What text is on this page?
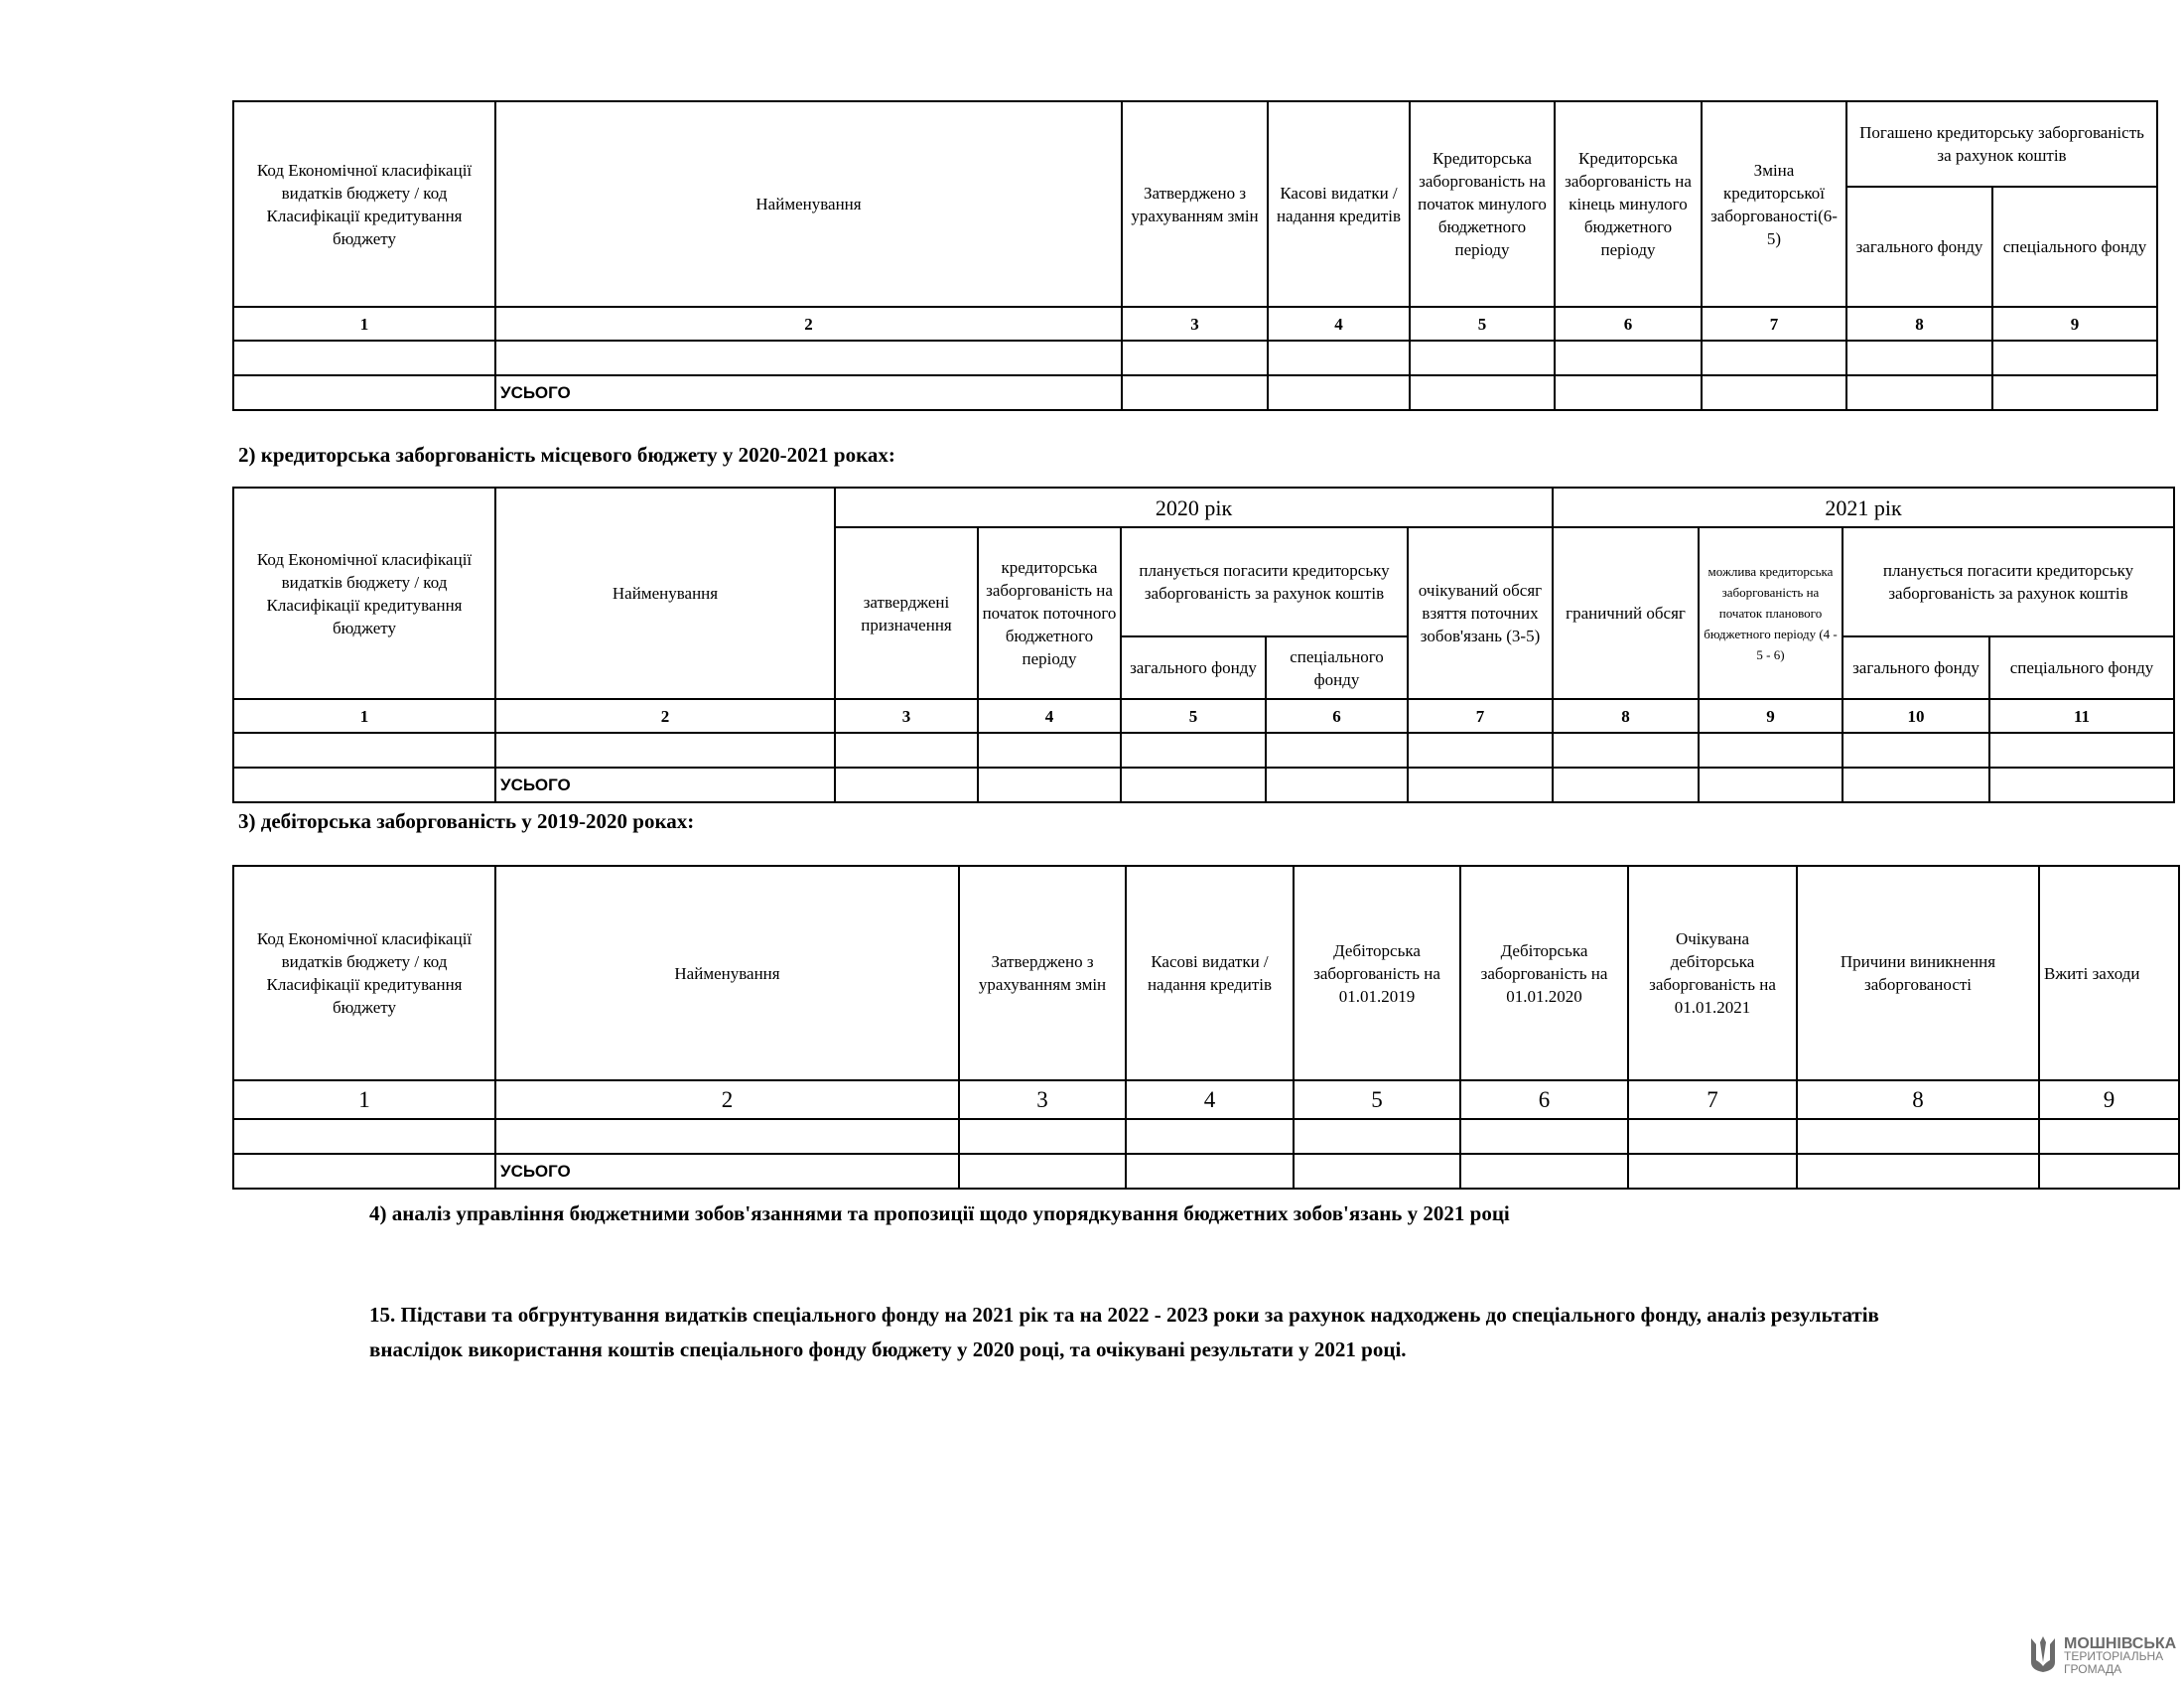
Код Економічної класифікації видатків бюджету / код Класифікації кредитування бюджету	Найменування	Затверджено з урахуванням змін	Касові видатки / надання кредитів	Кредиторська заборгованість на початок минулого бюджетного періоду	Кредиторська заборгованість на кінець минулого бюджетного періоду	Зміна кредиторської заборгованості(6-5)	Погашено кредиторську заборгованість за рахунок коштів	
							загального фонду	спеціального фонду
1	2	3	4	5	6	7	8	9

	УСЬОГО							
2) кредиторська заборгованість місцевого бюджету у 2020-2021 роках:
Код Економічної класифікації видатків бюджету / код Класифікації кредитування бюджету	Найменування	2020 рік					2021 рік			
		затверджені призначення	кредиторська заборгованість на початок поточного бюджетного періоду	планується погасити кредиторську заборгованість за рахунок коштів		очікуваний обсяг взяття поточних зобов'язань (3-5)	граничний обсяг	можлива кредиторська заборгованість на початок планового бюджетного періоду (4 - 5 - 6)	планується погасити кредиторську заборгованість за рахунок коштів	
				загального фонду	спеціального фонду				загального фонду	спеціального фонду
1	2	3	4	5	6	7	8	9	10	11

	УСЬОГО									
3) дебіторська заборгованість у 2019-2020 роках:
Код Економічної класифікації видатків бюджету / код Класифікації кредитування бюджету	Найменування	Затверджено з урахуванням змін	Касові видатки / надання кредитів	Дебіторська заборгованість на 01.01.2019	Дебіторська заборгованість на 01.01.2020	Очікувана дебіторська заборгованість на 01.01.2021	Причини виникнення заборгованості	Вжиті заходи
1	2	3	4	5	6	7	8	9

	УСЬОГО							
4) аналіз управління бюджетними зобов'язаннями та пропозиції щодо упорядкування бюджетних зобов'язань у 2021 році
15. Підстави та обгрунтування видатків спеціального фонду на 2021 рік та на 2022 - 2023 роки за рахунок надходжень до спеціального фонду, аналіз результатів
внаслідок використання коштів спеціального фонду бюджету у 2020 році, та очікувані результати у 2021 році.
МОШНІВСЬКА
ТЕРИТОРІАЛЬНА
ГРОМАДА
